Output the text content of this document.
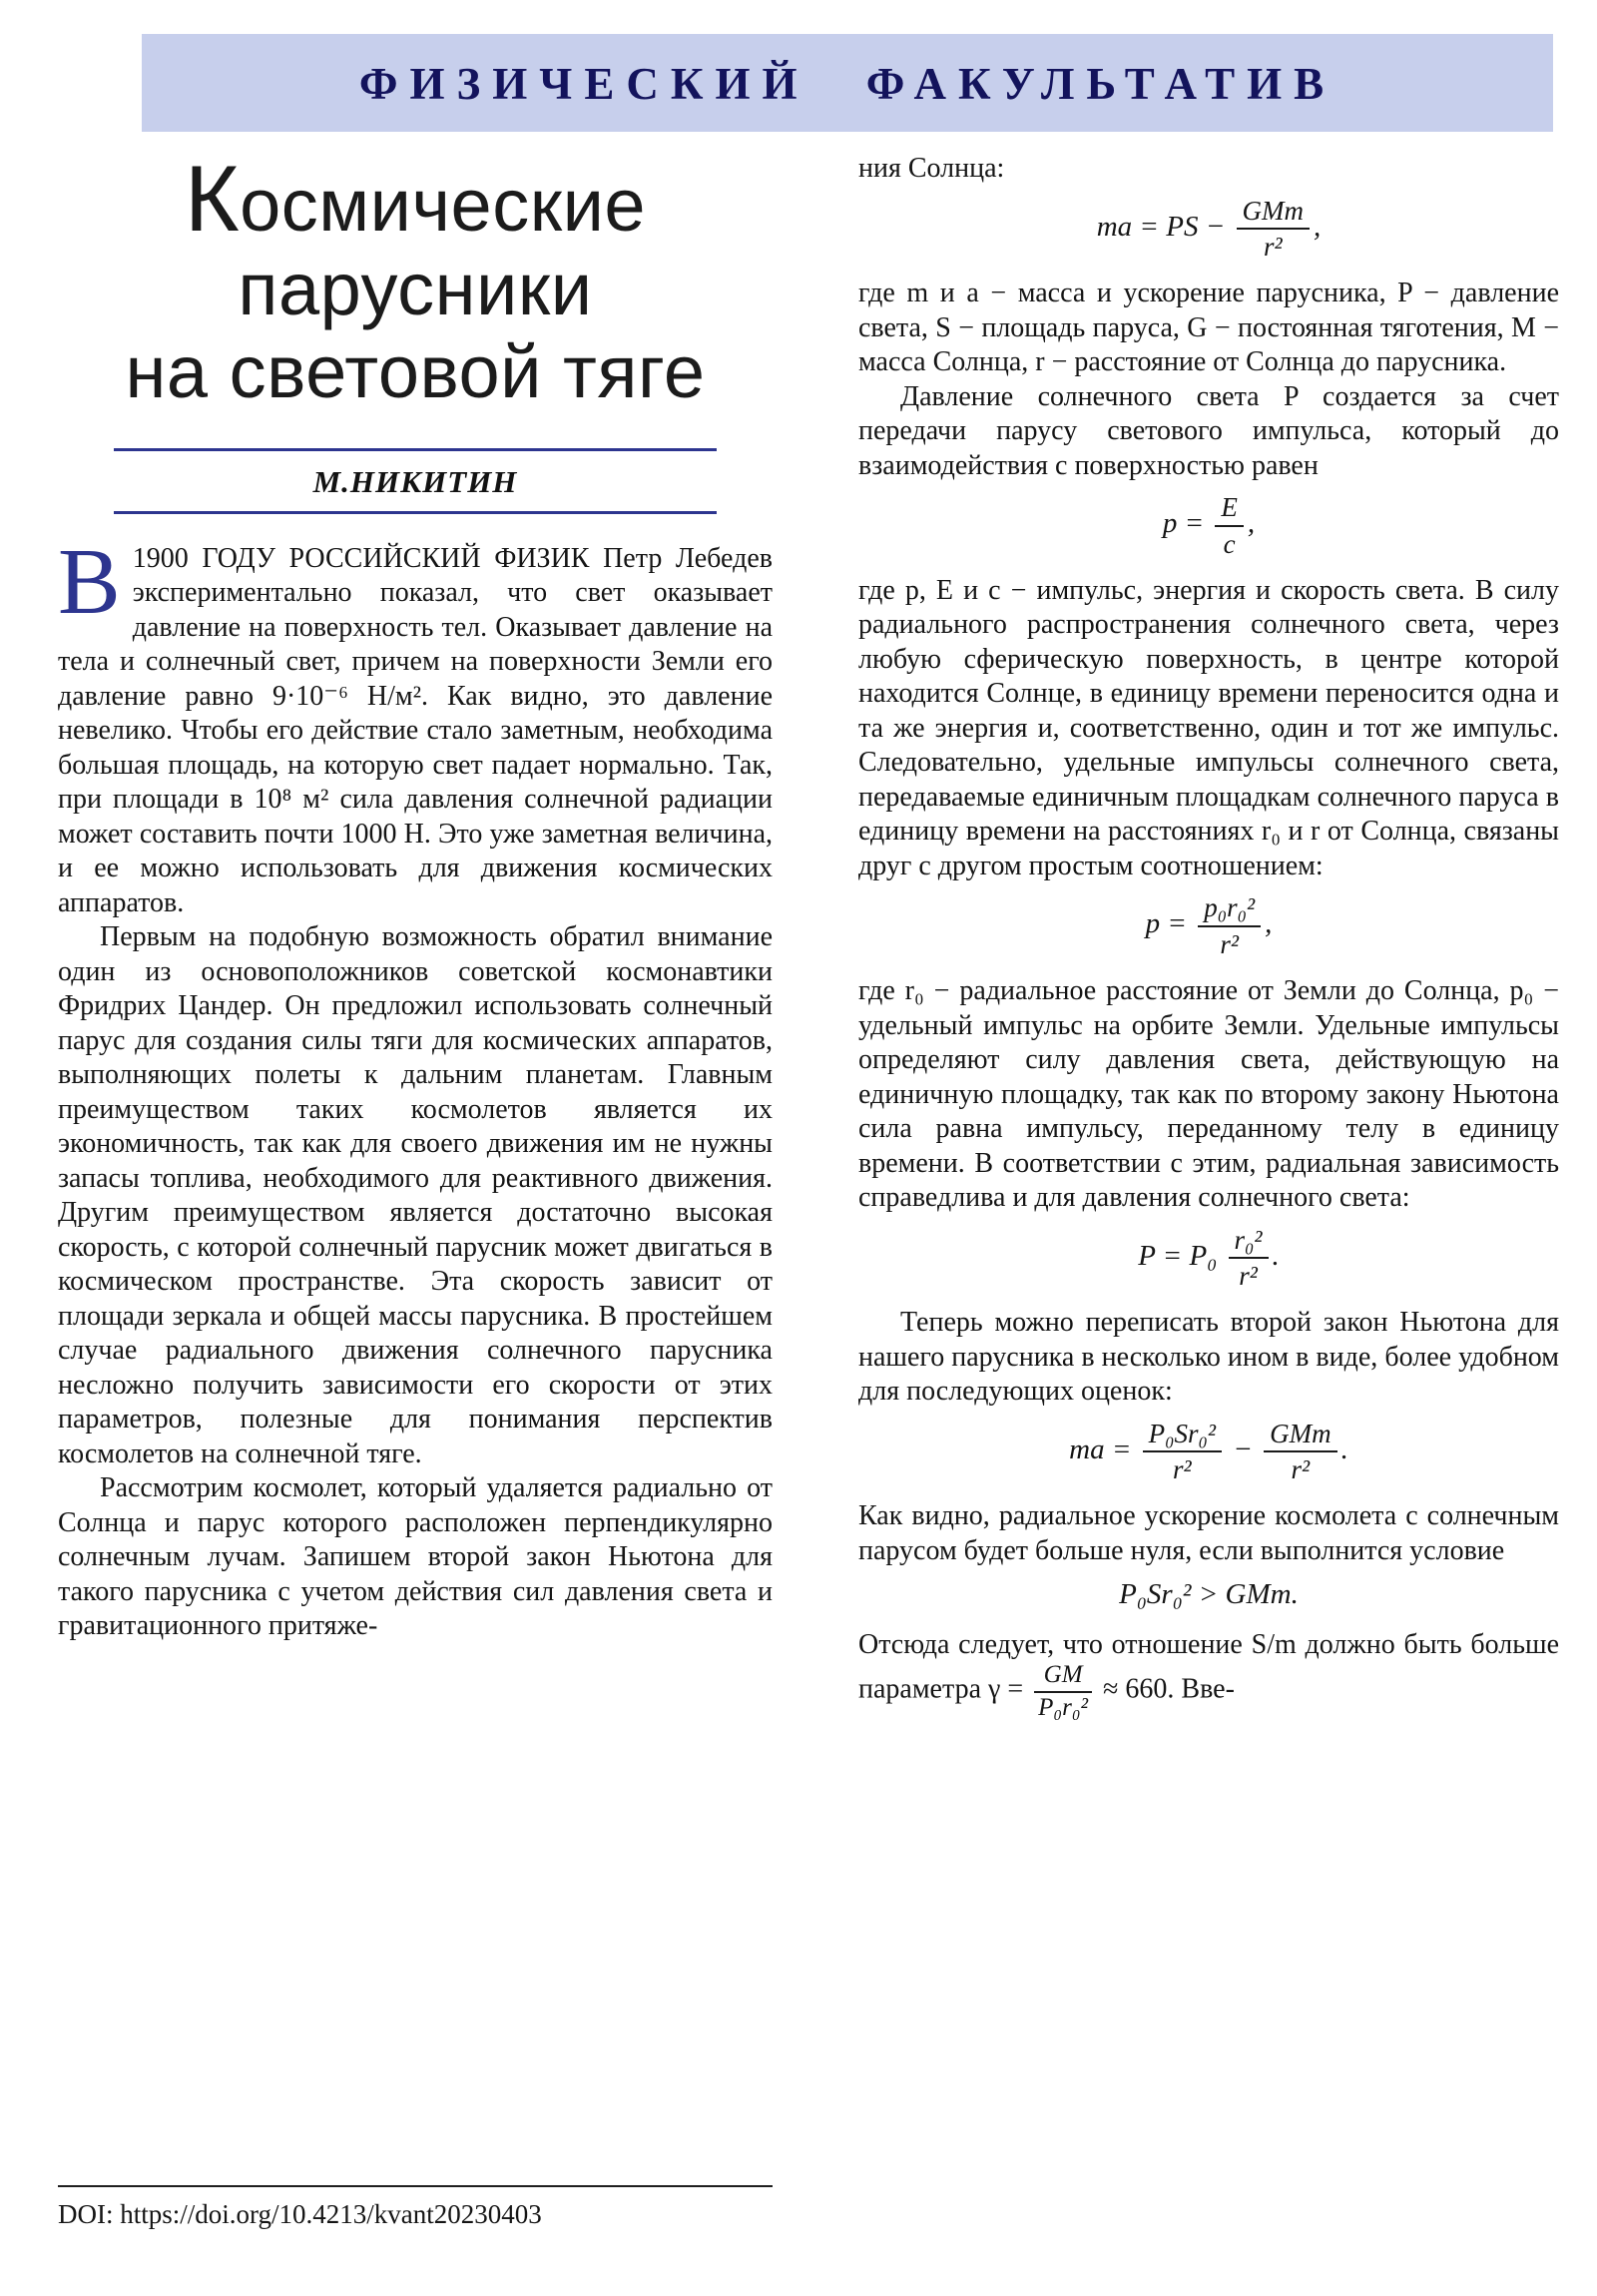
ФИЗИЧЕСКИЙ ФАКУЛЬТАТИВ
Космические
парусники
на световой тяге
М.НИКИТИН

В 1900 ГОДУ РОССИЙСКИЙ ФИЗИК Петр Лебедев экспериментально показал, что свет оказывает давление на поверхность тел. Оказывает давление на тела и солнечный свет, причем на поверхности Земли его давление равно 9·10⁻⁶ Н/м². Как видно, это давление невелико. Чтобы его действие стало заметным, необходима большая площадь, на которую свет падает нормально. Так, при площади в 10⁸ м² сила давления солнечной радиации может составить почти 1000 Н. Это уже заметная величина, и ее можно использовать для движения космических аппаратов.

Первым на подобную возможность обратил внимание один из основоположников советской космонавтики Фридрих Цандер. Он предложил использовать солнечный парус для создания силы тяги для космических аппаратов, выполняющих полеты к дальним планетам. Главным преимуществом таких космолетов является их экономичность, так как для своего движения им не нужны запасы топлива, необходимого для реактивного движения. Другим преимуществом является достаточно высокая скорость, с которой солнечный парусник может двигаться в космическом пространстве. Эта скорость зависит от площади зеркала и общей массы парусника. В простейшем случае радиального движения солнечного парусника несложно получить зависимости его скорости от этих параметров, полезные для понимания перспектив космолетов на солнечной тяге.

Рассмотрим космолет, который удаляется радиально от Солнца и парус которого расположен перпендикулярно солнечным лучам. Запишем второй закон Ньютона для такого парусника с учетом действия сил давления света и гравитационного притяже-

DOI: https://doi.org/10.4213/kvant20230403

ния Солнца:

ma = PS − $\frac{\text{GMm}}{\text{r²}}$ ,

где m и a − масса и ускорение парусника, P − давление света, S − площадь паруса, G − постоянная тяготения, M − масса Солнца, r − расстояние от Солнца до парусника.

Давление солнечного света P создается за счет передачи парусу светового импульса, который до взаимодействия с поверхностью равен

$p = \frac{E}{c}$ ,

где p, E и c − импульс, энергия и скорость света. В силу радиального распространения солнечного света, через любую сферическую поверхность, в центре которой находится Солнце, в единицу времени переносится одна и та же энергия и, соответственно, один и тот же импульс. Следовательно, удельные импульсы солнечного света, передаваемые единичным площадкам солнечного паруса в единицу времени на расстояниях r₀ и r от Солнца, связаны друг с другом простым соотношением:

$p = \frac{\text{p₀r₀²}}{\text{r²}}$ ,

где r₀ − радиальное расстояние от Земли до Солнца, p₀ − удельный импульс на орбите Земли. Удельные импульсы определяют силу давления света, действующую на единичную площадку, так как по второму закону Ньютона сила равна импульсу, переданному телу в единицу времени. В соответствии с этим, радиальная зависимость справедлива и для давления солнечного света:

$P = P_0 \frac{\text{r₀²}}{\text{r²}}$ .

Теперь можно переписать второй закон Ньютона для нашего парусника в несколько ином в виде, более удобном для последующих оценок:

ma = $\frac{\text{P₀Sr₀²}}{\text{r²}} - \frac{\text{GMm}}{\text{r²}}$ .

Как видно, радиальное ускорение космолета с солнечным парусом будет больше нуля, если выполнится условие

P₀Sr₀² > GMm.

Отсюда следует, что отношение S/m должно быть больше параметра $\gamma = \frac{GM}{\text{P₀r₀²}} \approx 660$. Вве-
